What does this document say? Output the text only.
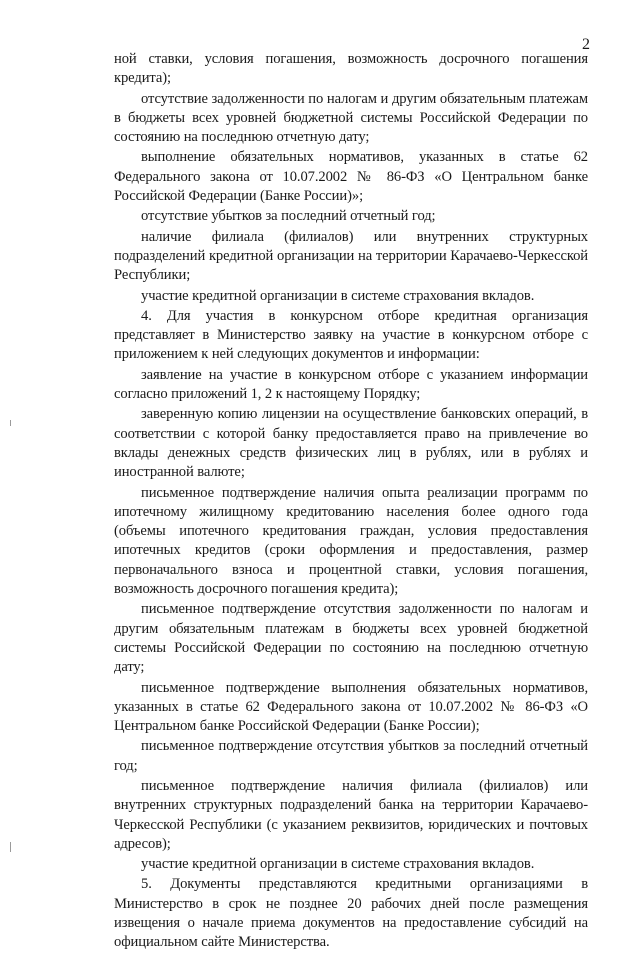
2

ной ставки, условия погашения, возможность досрочного погашения кредита);

отсутствие задолженности по налогам и другим обязательным платежам в бюджеты всех уровней бюджетной системы Российской Федерации по состоянию на последнюю отчетную дату;

выполнение обязательных нормативов, указанных в статье 62 Федерального закона от 10.07.2002 № 86-ФЗ «О Центральном банке Российской Федерации (Банке России)»;

отсутствие убытков за последний отчетный год;

наличие филиала (филиалов) или внутренних структурных подразделений кредитной организации на территории Карачаево-Черкесской Республики;

участие кредитной организации в системе страхования вкладов.

4. Для участия в конкурсном отборе кредитная организация представляет в Министерство заявку на участие в конкурсном отборе с приложением к ней следующих документов и информации:

заявление на участие в конкурсном отборе с указанием информации согласно приложений 1, 2 к настоящему Порядку;

заверенную копию лицензии на осуществление банковских операций, в соответствии с которой банку предоставляется право на привлечение во вклады денежных средств физических лиц в рублях, или в рублях и иностранной валюте;

письменное подтверждение наличия опыта реализации программ по ипотечному жилищному кредитованию населения более одного года (объемы ипотечного кредитования граждан, условия предоставления ипотечных кредитов (сроки оформления и предоставления, размер первоначального взноса и процентной ставки, условия погашения, возможность досрочного погашения кредита);

письменное подтверждение отсутствия задолженности по налогам и другим обязательным платежам в бюджеты всех уровней бюджетной системы Российской Федерации по состоянию на последнюю отчетную дату;

письменное подтверждение выполнения обязательных нормативов, указанных в статье 62 Федерального закона от 10.07.2002 № 86-ФЗ «О Центральном банке Российской Федерации (Банке России);

письменное подтверждение отсутствия убытков за последний отчетный год;

письменное подтверждение наличия филиала (филиалов) или внутренних структурных подразделений банка на территории Карачаево-Черкесской Республики (с указанием реквизитов, юридических и почтовых адресов);

участие кредитной организации в системе страхования вкладов.

5. Документы представляются кредитными организациями в Министерство в срок не позднее 20 рабочих дней после размещения извещения о начале приема документов на предоставление субсидий на официальном сайте Министерства.
